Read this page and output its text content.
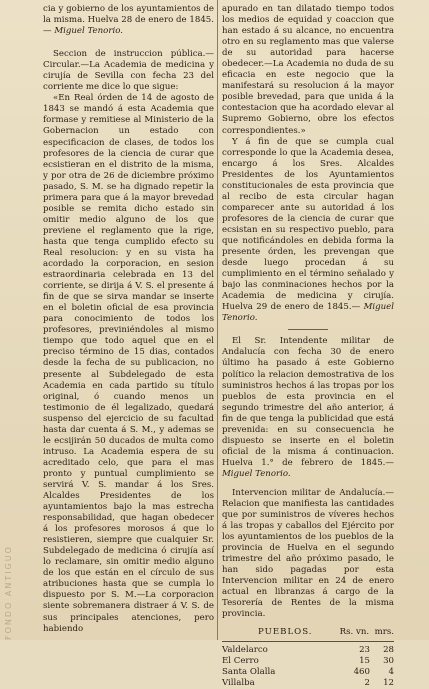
FONDO ANTIGUO

cia y gobierno de los ayuntamientos de la misma. Huelva 28 de enero de 1845.— Miguel Tenorio.

Seccion de instruccion pública.—Circular.—La Academia de medicina y cirujía de Sevilla con fecha 23 del corriente me dice lo que sigue:

«En Real órden de 14 de agosto de 1843 se mandó á esta Academia que formase y remitiese al Ministerio de la Gobernacion un estado con especificacion de clases, de todos los profesores de la ciencia de curar que ecsistieran en el distrito de la misma, y por otra de 26 de diciembre próximo pasado, S. M. se ha dignado repetir la primera para que á la mayor brevedad posible se remita dicho estado sin omitir medio alguno de los que previene el reglamento que la rige, hasta que tenga cumplido efecto su Real resolucion: y en su vista ha acordado la corporacion, en sesion estraordinaria celebrada en 13 del corriente, se dirija á V. S. el presente á fin de que se sirva mandar se inserte en el boletin oficial de esa provincia para conocimiento de todos los profesores, previniéndoles al mismo tiempo que todo aquel que en el preciso término de 15 dias, contados desde la fecha de su publicacion, no presente al Subdelegado de esta Academia en cada partido su título original, ó cuando menos un testimonio de él legalizado, quedará suspenso del ejercicio de su facultad hasta dar cuenta á S. M., y ademas se le ecsijirán 50 ducados de multa como intruso. La Academia espera de su acreditado celo, que para el mas pronto y puntual cumplimiento se servirá V. S. mandar á los Sres. Alcaldes Presidentes de los ayuntamientos bajo la mas estrecha responsabilidad, que hagan obedecer á los profesores morosos á que lo resistieren, siempre que cualquier Sr. Subdelegado de medicina ó cirujía así lo reclamare, sin omitir medio alguno de los que están en el círculo de sus atribuciones hasta que se cumpla lo dispuesto por S. M.—La corporacion siente sobremanera distraer á V. S. de sus principales atenciones, pero habiendo

apurado en tan dilatado tiempo todos los medios de equidad y coaccion que han estado á su alcance, no encuentra otro en su reglamento mas que valerse de su autoridad para hacerse obedecer.—La Academia no duda de su eficacia en este negocio que la manifestará su resolucion á la mayor posible brevedad, para que unida á la contestacion que ha acordado elevar al Supremo Gobierno, obre los efectos correspondientes.»

Y á fin de que se cumpla cual corresponde lo que la Academia desea, encargo á los Sres. Alcaldes Presidentes de los Ayuntamientos constitucionales de esta provincia que al recibo de esta circular hagan comparecer ante su autoridad á los profesores de la ciencia de curar que ecsistan en su respectivo pueblo, para que notificándoles en debida forma la presente órden, les prevengan que desde luego procedan á su cumplimiento en el término señalado y bajo las conminaciones hechos por la Academia de medicina y cirujía. Huelva 29 de enero de 1845.— Miguel Tenorio.

El Sr. Intendente militar de Andalucía con fecha 30 de enero último ha pasado á este Gobierno político la relacion demostrativa de los suministros hechos á las tropas por los pueblos de esta provincia en el segundo trimestre del año anterior, á fin de que tenga la publicidad que está prevenida: en su consecuencia he dispuesto se inserte en el boletin oficial de la misma á continuacion. Huelva 1.° de febrero de 1845.— Miguel Tenorio.

Intervencion militar de Andalucía.—Relacion que manifiesta las cantidades que por suministros de víveres hechos á las tropas y caballos del Ejército por los ayuntamientos de los pueblos de la provincia de Huelva en el segundo trimestre del año próximo pasado, le han sido pagadas por esta Intervencion militar en 24 de enero actual en libranzas á cargo de la Tesorería de Rentes de la misma provincia.

PUEBLOS.	Rs. vn. mrs.
Valdelarco	23	28
El Cerro	15	30
Santa Olalla	460	4
Villalba	2	12
